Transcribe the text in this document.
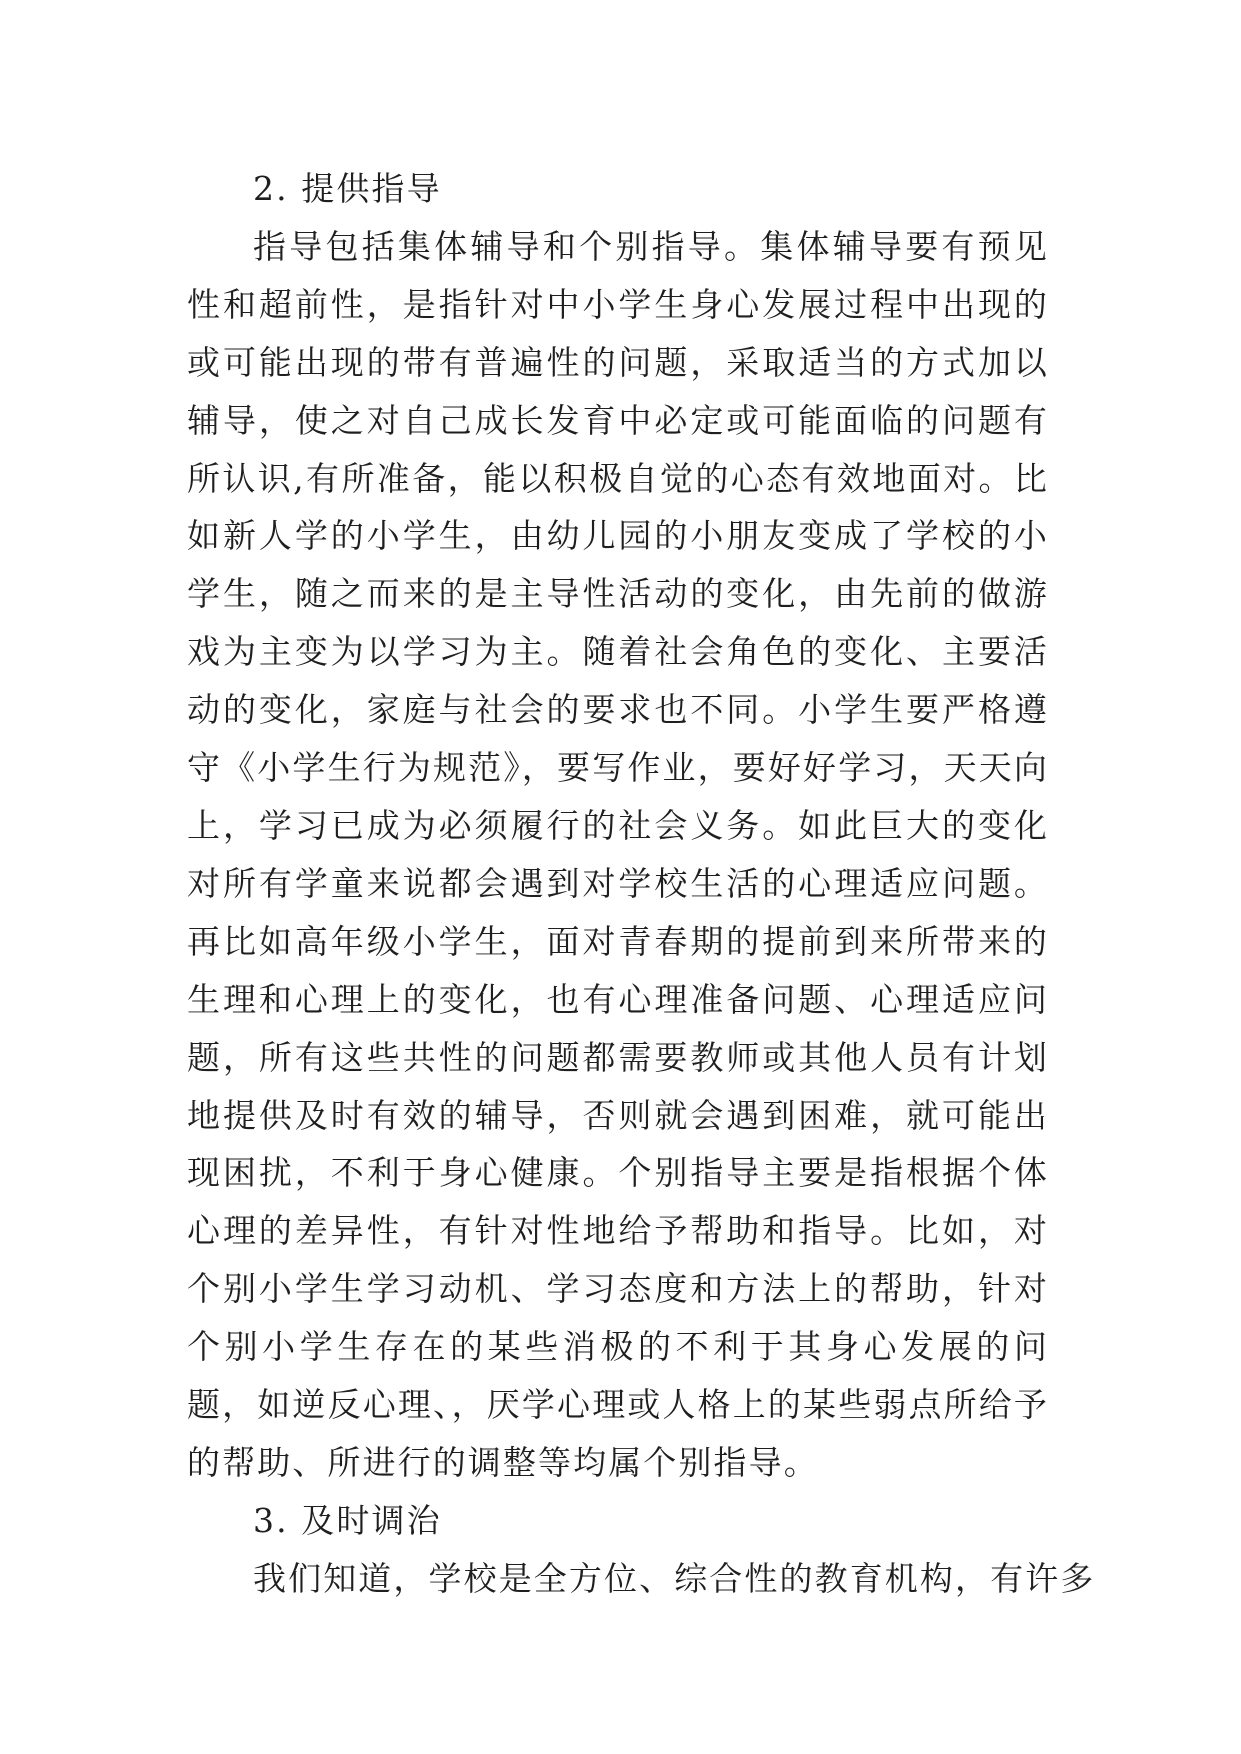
2. 提供指导
指导包括集体辅导和个别指导。集体辅导要有预见性和超前性，是指针对中小学生身心发展过程中出现的或可能出现的带有普遍性的问题，采取适当的方式加以辅导，使之对自己成长发育中必定或可能面临的问题有所认识,有所准备，能以积极自觉的心态有效地面对。比如新人学的小学生，由幼儿园的小朋友变成了学校的小学生，随之而来的是主导性活动的变化，由先前的做游戏为主变为以学习为主。随着社会角色的变化、主要活动的变化，家庭与社会的要求也不同。小学生要严格遵守《小学生行为规范》，要写作业，要好好学习，天天向上，学习已成为必须履行的社会义务。如此巨大的变化对所有学童来说都会遇到对学校生活的心理适应问题。再比如高年级小学生，面对青春期的提前到来所带来的生理和心理上的变化，也有心理准备问题、心理适应问题，所有这些共性的问题都需要教师或其他人员有计划地提供及时有效的辅导，否则就会遇到困难，就可能出现困扰，不利于身心健康。个别指导主要是指根据个体心理的差异性，有针对性地给予帮助和指导。比如，对个别小学生学习动机、学习态度和方法上的帮助，针对个别小学生存在的某些消极的不利于其身心发展的问题，如逆反心理、，厌学心理或人格上的某些弱点所给予的帮助、所进行的调整等均属个别指导。
3. 及时调治
我们知道，学校是全方位、综合性的教育机构，有许多
